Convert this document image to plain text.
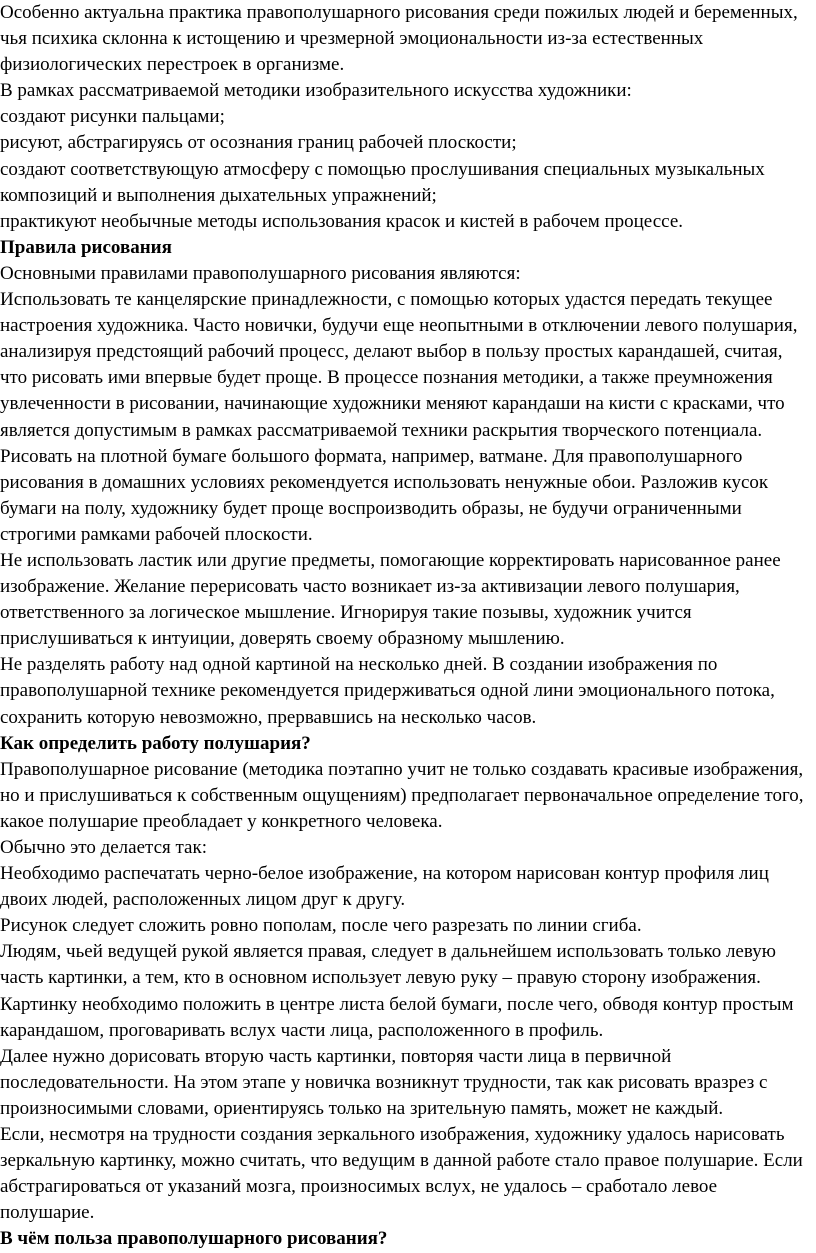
Особенно актуальна практика правополушарного рисования среди пожилых людей и беременных, чья психика склонна к истощению и чрезмерной эмоциональности из-за естественных физиологических перестроек в организме.

В рамках рассматриваемой методики изобразительного искусства художники:

создают рисунки пальцами;

рисуют, абстрагируясь от осознания границ рабочей плоскости;

создают соответствующую атмосферу с помощью прослушивания специальных музыкальных композиций и выполнения дыхательных упражнений;

практикуют необычные методы использования красок и кистей в рабочем процессе.

Правила рисования

Основными правилами правополушарного рисования являются:

Использовать те канцелярские принадлежности, с помощью которых удастся передать текущее настроения художника. Часто новички, будучи еще неопытными в отключении левого полушария, анализируя предстоящий рабочий процесс, делают выбор в пользу простых карандашей, считая, что рисовать ими впервые будет проще. В процессе познания методики, а также преумножения увлеченности в рисовании, начинающие художники меняют карандаши на кисти с красками, что является допустимым в рамках рассматриваемой техники раскрытия творческого потенциала.

Рисовать на плотной бумаге большого формата, например, ватмане. Для правополушарного рисования в домашних условиях рекомендуется использовать ненужные обои. Разложив кусок бумаги на полу, художнику будет проще воспроизводить образы, не будучи ограниченными строгими рамками рабочей плоскости.

Не использовать ластик или другие предметы, помогающие корректировать нарисованное ранее изображение. Желание перерисовать часто возникает из-за активизации левого полушария, ответственного за логическое мышление. Игнорируя такие позывы, художник учится прислушиваться к интуиции, доверять своему образному мышлению.

Не разделять работу над одной картиной на несколько дней. В создании изображения по правополушарной технике рекомендуется придерживаться одной лини эмоционального потока, сохранить которую невозможно, прервавшись на несколько часов.

Как определить работу полушария?

Правополушарное рисование (методика поэтапно учит не только создавать красивые изображения, но и прислушиваться к собственным ощущениям) предполагает первоначальное определение того, какое полушарие преобладает у конкретного человека.

Обычно это делается так:

Необходимо распечатать черно-белое изображение, на котором нарисован контур профиля лиц двоих людей, расположенных лицом друг к другу.

Рисунок следует сложить ровно пополам, после чего разрезать по линии сгиба.

Людям, чьей ведущей рукой является правая, следует в дальнейшем использовать только левую часть картинки, а тем, кто в основном использует левую руку – правую сторону изображения.

Картинку необходимо положить в центре листа белой бумаги, после чего, обводя контур простым карандашом, проговаривать вслух части лица, расположенного в профиль.

Далее нужно дорисовать вторую часть картинки, повторяя части лица в первичной последовательности. На этом этапе у новичка возникнут трудности, так как рисовать вразрез с произносимыми словами, ориентируясь только на зрительную память, может не каждый.

Если, несмотря на трудности создания зеркального изображения, художнику удалось нарисовать зеркальную картинку, можно считать, что ведущим в данной работе стало правое полушарие. Если абстрагироваться от указаний мозга, произносимых вслух, не удалось – сработало левое полушарие.

В чём польза правополушарного рисования?
